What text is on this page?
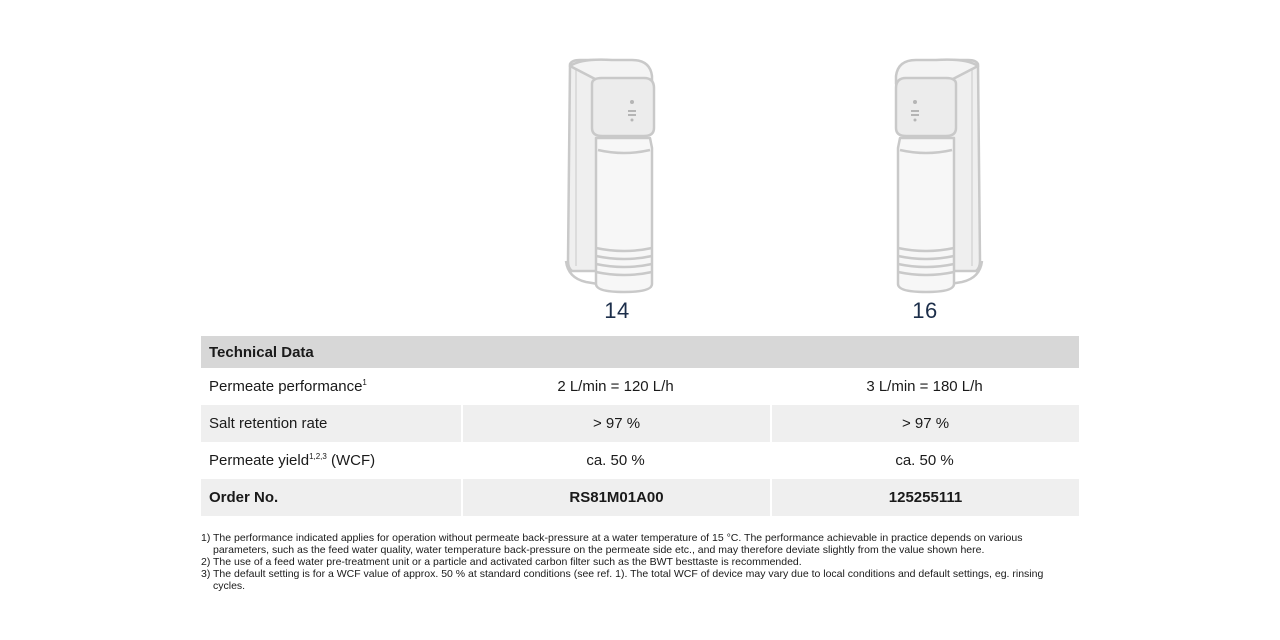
14	16
Technical Data		
Permeate performance$^1$	2 L/min = 120 L/h	3 L/min = 180 L/h
Salt retention rate	> 97 %	> 97 %
Permeate yield$^{1,2,3}$ (WCF)	ca. 50 %	ca. 50 %
Order No.	RS81M01A00	125255111
1) The performance indicated applies for operation without permeate back-pressure at a water temperature of 15 °C. The performance achievable in practice depends on various parameters, such as the feed water quality, water temperature back-pressure on the permeate side etc., and may therefore deviate slightly from the value shown here.
2) The use of a feed water pre-treatment unit or a particle and activated carbon filter such as the BWT besttaste is recommended.
3) The default setting is for a WCF value of approx. 50 % at standard conditions (see ref. 1). The total WCF of device may vary due to local conditions and default settings, eg. rinsing cycles.
